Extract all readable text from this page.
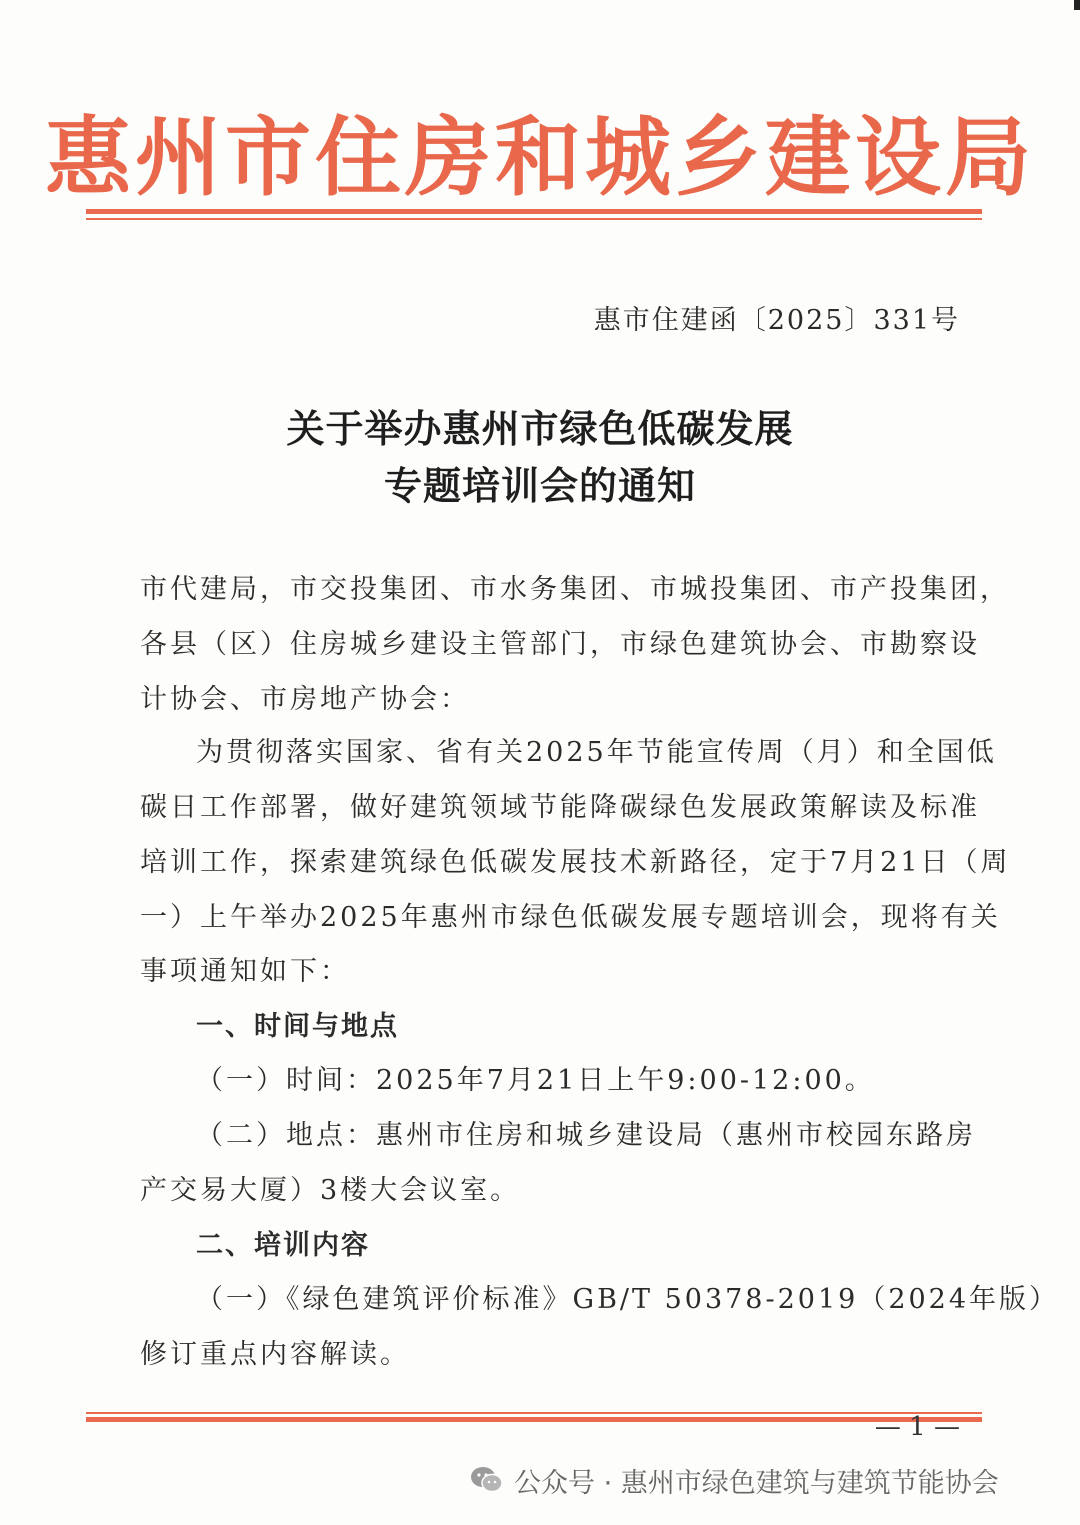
惠州市住房和城乡建设局
惠市住建函〔2025〕331号
关于举办惠州市绿色低碳发展
专题培训会的通知
市代建局，市交投集团、市水务集团、市城投集团、市产投集团，
各县（区）住房城乡建设主管部门，市绿色建筑协会、市勘察设
计协会、市房地产协会：
为贯彻落实国家、省有关2025年节能宣传周（月）和全国低
碳日工作部署，做好建筑领域节能降碳绿色发展政策解读及标准
培训工作，探索建筑绿色低碳发展技术新路径，定于7月21日（周
一）上午举办2025年惠州市绿色低碳发展专题培训会，现将有关
事项通知如下：
一、时间与地点
（一）时间：2025年7月21日上午9:00-12:00。
（二）地点：惠州市住房和城乡建设局（惠州市校园东路房
产交易大厦）3楼大会议室。
二、培训内容
（一）《绿色建筑评价标准》GB/T 50378-2019（2024年版）
修订重点内容解读。
— 1 —
公众号 · 惠州市绿色建筑与建筑节能协会
